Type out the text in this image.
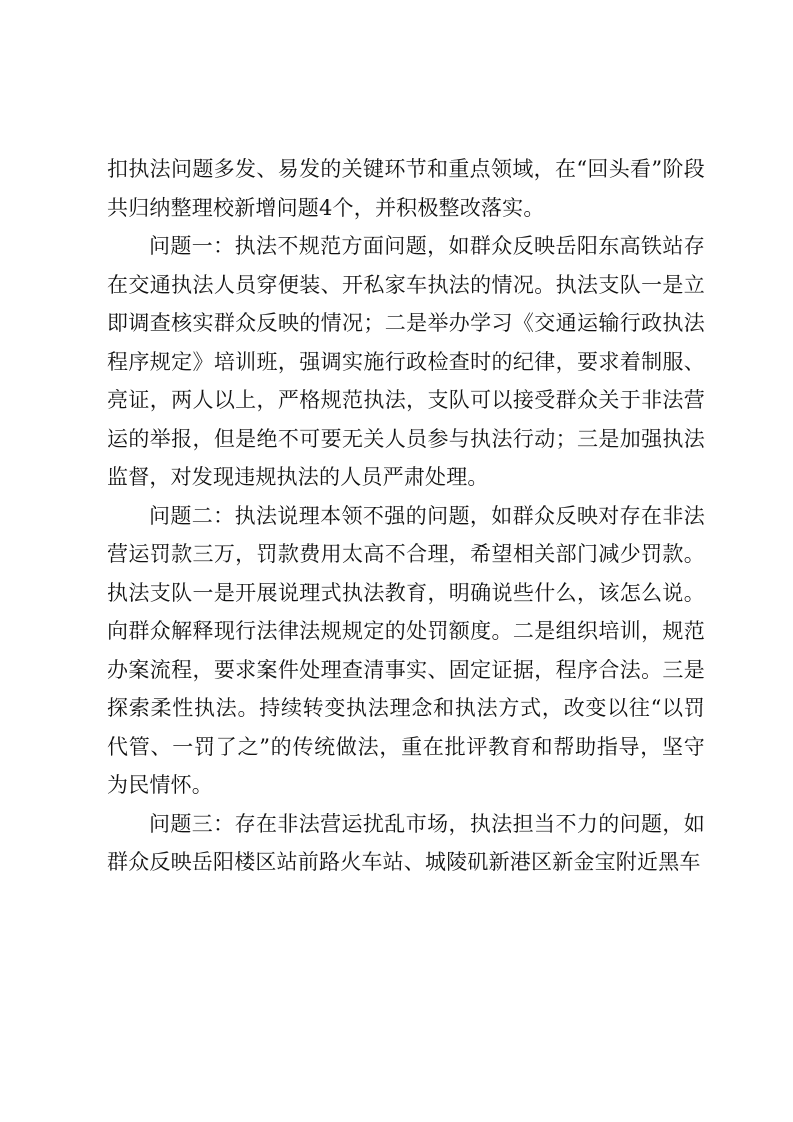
扣执法问题多发、易发的关键环节和重点领域，在“回头看”阶段共归纳整理校新增问题4个，并积极整改落实。

问题一：执法不规范方面问题，如群众反映岳阳东高铁站存在交通执法人员穿便装、开私家车执法的情况。执法支队一是立即调查核实群众反映的情况；二是举办学习《交通运输行政执法程序规定》培训班，强调实施行政检查时的纪律，要求着制服、亮证，两人以上，严格规范执法，支队可以接受群众关于非法营运的举报，但是绝不可要无关人员参与执法行动；三是加强执法监督，对发现违规执法的人员严肃处理。

问题二：执法说理本领不强的问题，如群众反映对存在非法营运罚款三万，罚款费用太高不合理，希望相关部门减少罚款。执法支队一是开展说理式执法教育，明确说些什么，该怎么说。向群众解释现行法律法规规定的处罚额度。二是组织培训，规范办案流程，要求案件处理查清事实、固定证据，程序合法。三是探索柔性执法。持续转变执法理念和执法方式，改变以往“以罚代管、一罚了之”的传统做法，重在批评教育和帮助指导，坚守为民情怀。

问题三：存在非法营运扰乱市场，执法担当不力的问题，如群众反映岳阳楼区站前路火车站、城陵矶新港区新金宝附近黑车
